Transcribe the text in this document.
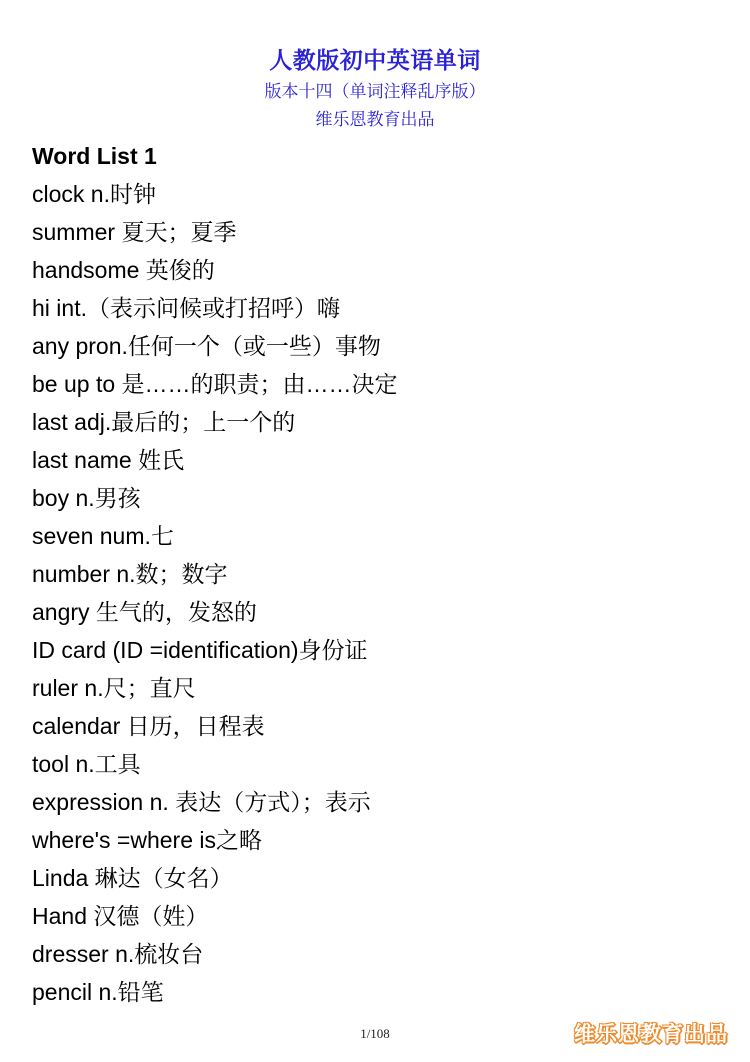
人教版初中英语单词
版本十四（单词注释乱序版）
维乐恩教育出品
Word List 1
clock n.时钟
summer 夏天；夏季
handsome 英俊的
hi int.（表示问候或打招呼）嗨
any pron.任何一个（或一些）事物
be up to 是……的职责；由……决定
last adj.最后的；上一个的
last name 姓氏
boy n.男孩
seven num.七
number n.数；数字
angry 生气的，发怒的
ID card (ID =identification)身份证
ruler n.尺；直尺
calendar 日历，日程表
tool n.工具
expression n. 表达（方式）；表示
where's =where is之略
Linda 琳达（女名）
Hand 汉德（姓）
dresser n.梳妆台
pencil n.铅笔
1/108	维乐恩教育出品
